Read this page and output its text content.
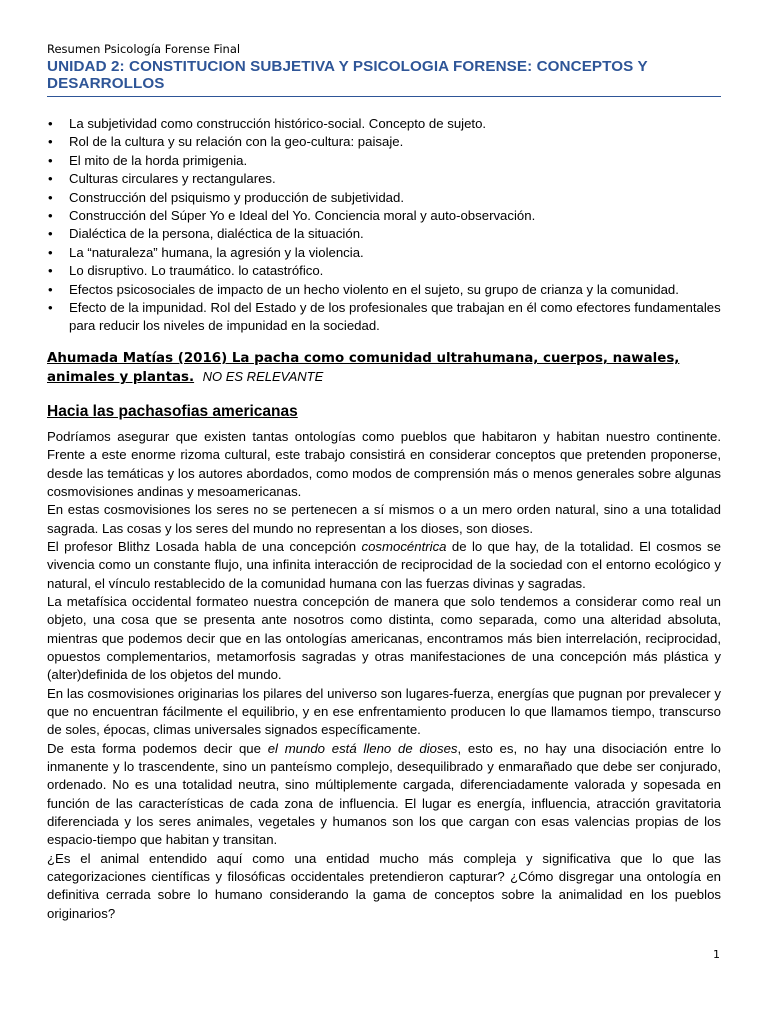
Resumen Psicología Forense Final

UNIDAD 2: CONSTITUCION SUBJETIVA Y PSICOLOGIA FORENSE: CONCEPTOS Y DESARROLLOS
• La subjetividad como construcción histórico-social. Concepto de sujeto.
• Rol de la cultura y su relación con la geo-cultura: paisaje.
• El mito de la horda primigenia.
• Culturas circulares y rectangulares.
• Construcción del psiquismo y producción de subjetividad.
• Construcción del Súper Yo e Ideal del Yo. Conciencia moral y auto-observación.
• Dialéctica de la persona, dialéctica de la situación.
• La “naturaleza” humana, la agresión y la violencia.
• Lo disruptivo. Lo traumático. lo catastrófico.
• Efectos psicosociales de impacto de un hecho violento en el sujeto, su grupo de crianza y la comunidad.
• Efecto de la impunidad. Rol del Estado y de los profesionales que trabajan en él como efectores fundamentales para reducir los niveles de impunidad en la sociedad.

Ahumada Matías (2016) La pacha como comunidad ultrahumana, cuerpos, nawales, animales y plantas. NO ES RELEVANTE

Hacia las pachasofias americanas

Podríamos asegurar que existen tantas ontologías como pueblos que habitaron y habitan nuestro continente. Frente a este enorme rizoma cultural, este trabajo consistirá en considerar conceptos que pretenden proponerse, desde las temáticas y los autores abordados, como modos de comprensión más o menos generales sobre algunas cosmovisiones andinas y mesoamericanas.

En estas cosmovisiones los seres no se pertenecen a sí mismos o a un mero orden natural, sino a una totalidad sagrada. Las cosas y los seres del mundo no representan a los dioses, son dioses.

El profesor Blithz Losada habla de una concepción cosmocéntrica de lo que hay, de la totalidad. El cosmos se vivencia como un constante flujo, una infinita interacción de reciprocidad de la sociedad con el entorno ecológico y natural, el vínculo restablecido de la comunidad humana con las fuerzas divinas y sagradas.

La metafísica occidental formateo nuestra concepción de manera que solo tendemos a considerar como real un objeto, una cosa que se presenta ante nosotros como distinta, como separada, como una alteridad absoluta, mientras que podemos decir que en las ontologías americanas, encontramos más bien interrelación, reciprocidad, opuestos complementarios, metamorfosis sagradas y otras manifestaciones de una concepción más plástica y (alter)definida de los objetos del mundo.

En las cosmovisiones originarias los pilares del universo son lugares-fuerza, energías que pugnan por prevalecer y que no encuentran fácilmente el equilibrio, y en ese enfrentamiento producen lo que llamamos tiempo, transcurso de soles, épocas, climas universales signados específicamente.

De esta forma podemos decir que el mundo está lleno de dioses, esto es, no hay una disociación entre lo inmanente y lo trascendente, sino un panteísmo complejo, desequilibrado y enmarañado que debe ser conjurado, ordenado. No es una totalidad neutra, sino múltiplemente cargada, diferenciadamente valorada y sopesada en función de las características de cada zona de influencia. El lugar es energía, influencia, atracción gravitatoria diferenciada y los seres animales, vegetales y humanos son los que cargan con esas valencias propias de los espacio-tiempo que habitan y transitan.

¿Es el animal entendido aquí como una entidad mucho más compleja y significativa que lo que las categorizaciones científicas y filosóficas occidentales pretendieron capturar? ¿Cómo disgregar una ontología en definitiva cerrada sobre lo humano considerando la gama de conceptos sobre la animalidad en los pueblos originarios?

1
